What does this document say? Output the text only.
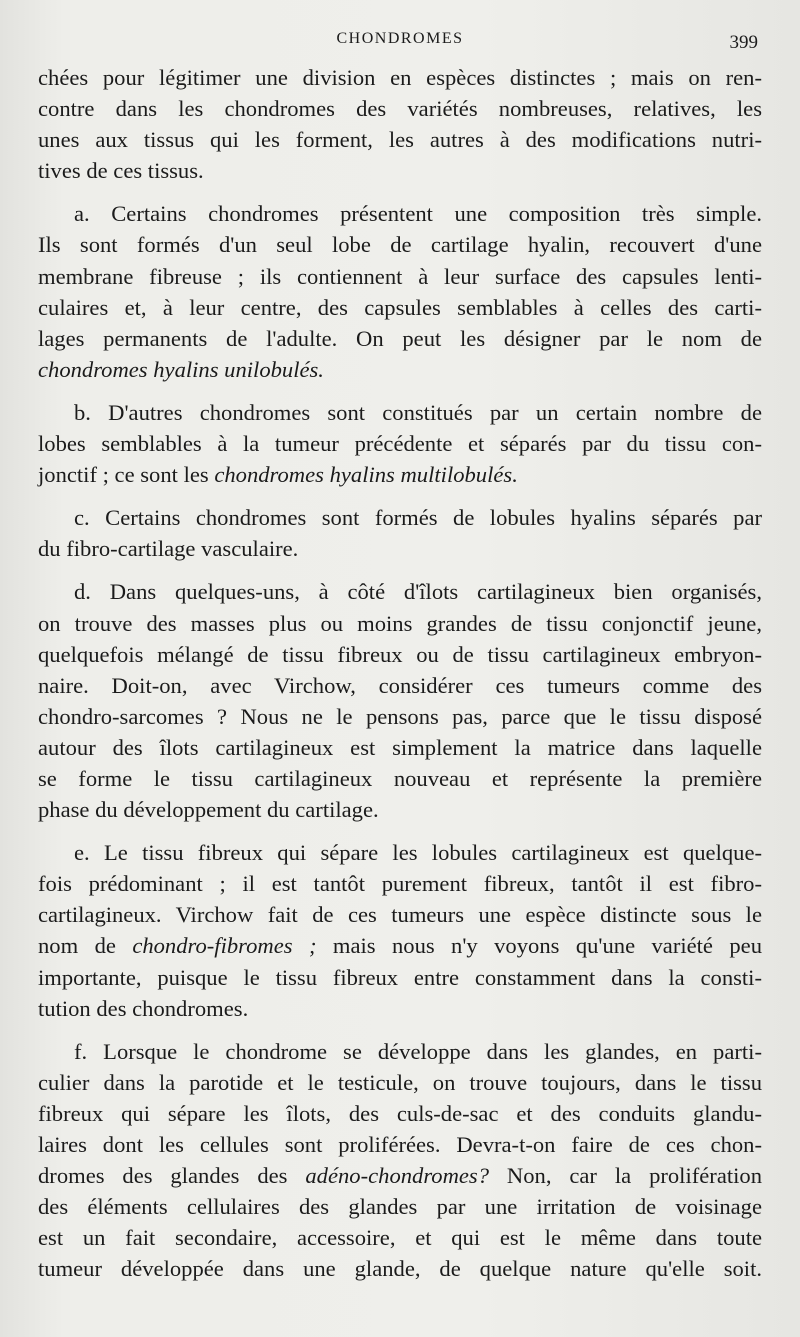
CHONDROMES	399

chées pour légitimer une division en espèces distinctes ; mais on ren-
contre dans les chondromes des variétés nombreuses, relatives, les
unes aux tissus qui les forment, les autres à des modifications nutri-
tives de ces tissus.

a. Certains chondromes présentent une composition très simple.
Ils sont formés d'un seul lobe de cartilage hyalin, recouvert d'une
membrane fibreuse ; ils contiennent à leur surface des capsules lenti-
culaires et, à leur centre, des capsules semblables à celles des carti-
lages permanents de l'adulte. On peut les désigner par le nom de
chondromes hyalins unilobulés.

b. D'autres chondromes sont constitués par un certain nombre de
lobes semblables à la tumeur précédente et séparés par du tissu con-
jonctif ; ce sont les chondromes hyalins multilobulés.

c. Certains chondromes sont formés de lobules hyalins séparés par
du fibro-cartilage vasculaire.

d. Dans quelques-uns, à côté d'îlots cartilagineux bien organisés,
on trouve des masses plus ou moins grandes de tissu conjonctif jeune,
quelquefois mélangé de tissu fibreux ou de tissu cartilagineux embryon-
naire. Doit-on, avec Virchow, considérer ces tumeurs comme des
chondro-sarcomes ? Nous ne le pensons pas, parce que le tissu disposé
autour des îlots cartilagineux est simplement la matrice dans laquelle
se forme le tissu cartilagineux nouveau et représente la première
phase du développement du cartilage.

e. Le tissu fibreux qui sépare les lobules cartilagineux est quelque-
fois prédominant ; il est tantôt purement fibreux, tantôt il est fibro-
cartilagineux. Virchow fait de ces tumeurs une espèce distincte sous le
nom de chondro-fibromes ; mais nous n'y voyons qu'une variété peu
importante, puisque le tissu fibreux entre constamment dans la consti-
tution des chondromes.

f. Lorsque le chondrome se développe dans les glandes, en parti-
culier dans la parotide et le testicule, on trouve toujours, dans le tissu
fibreux qui sépare les îlots, des culs-de-sac et des conduits glandu-
laires dont les cellules sont proliférées. Devra-t-on faire de ces chon-
dromes des glandes des adéno-chondromes? Non, car la prolifération
des éléments cellulaires des glandes par une irritation de voisinage
est un fait secondaire, accessoire, et qui est le même dans toute
tumeur développée dans une glande, de quelque nature qu'elle soit.
